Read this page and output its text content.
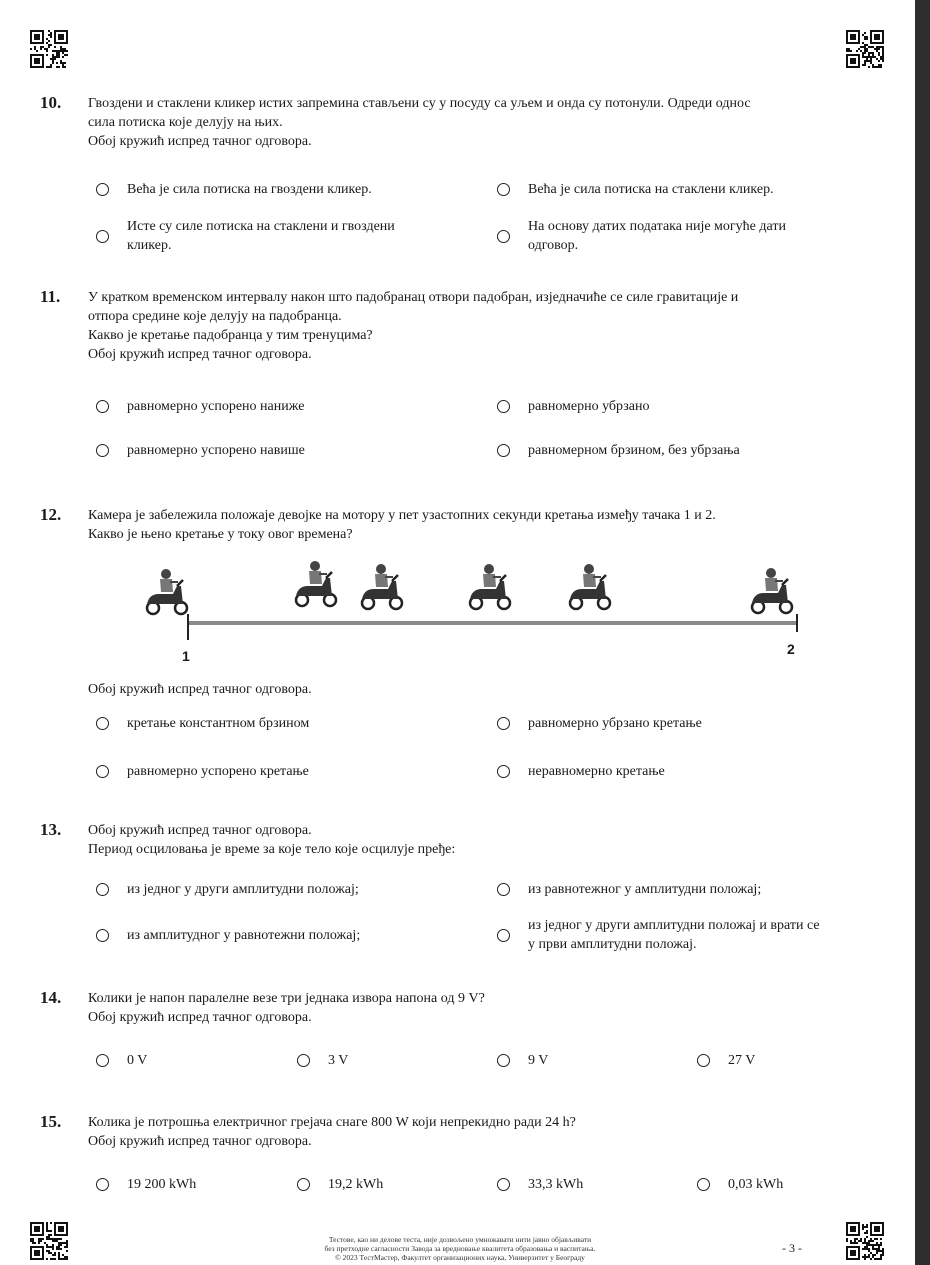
10. Гвоздени и стаклени кликер истих запремина стављени су у посуду са уљем и онда су потонули. Одреди однос
сила потиска које делују на њих.
Обој кружић испред тачног одговора.
Већа је сила потиска на гвоздени кликер.	Већа је сила потиска на стаклени кликер.
Исте су силе потиска на стаклени и гвоздени
кликер.
На основу датих података није могуће дати
одговор.
11. У кратком временском интервалу након што падобранац отвори падобран, изједначиће се силе гравитације и
отпора средине које делују на падобранца.
Какво је кретање падобранца у тим тренуцима?
Обој кружић испред тачног одговора.
равномерно успорено наниже	равномерно убрзано
равномерно успорено навише	равномерном брзином, без убрзања
12. Камера је забележила положаје девојке на мотору у пет узастопних секунди кретања између тачака 1 и 2.
Какво је њено кретање у току овог времена?
1	2
Обој кружић испред тачног одговора.
кретање константном брзином	равномерно убрзано кретање
равномерно успорено кретање	неравномерно кретање
13. Обој кружић испред тачног одговора.
Период осциловања је време за које тело које осцилује пређе:
из једног у други амплитудни положај;	из равнотежног у амплитудни положај;
из амплитудног у равнотежни положај;
из једног у други амплитудни положај и врати се
у први амплитудни положај.
14. Колики је напон паралелне везе три једнака извора напона од 9 V?
Обој кружић испред тачног одговора.
0 V	3 V	9 V	27 V
15. Колика је потрошња електричног грејача снаге 800 W који непрекидно ради 24 h?
Обој кружић испред тачног одговора.
19 200 kWh	19,2 kWh	33,3 kWh	0,03 kWh
Тестове, као ни делове теста, није дозвољено умножавати нити јавно објављивати
без претходне сагласности Завода за вредновање квалитета образовања и васпитања.
© 2023 ТестМастер, Факултет организационих наука, Универзитет у Београду
- 3 -
